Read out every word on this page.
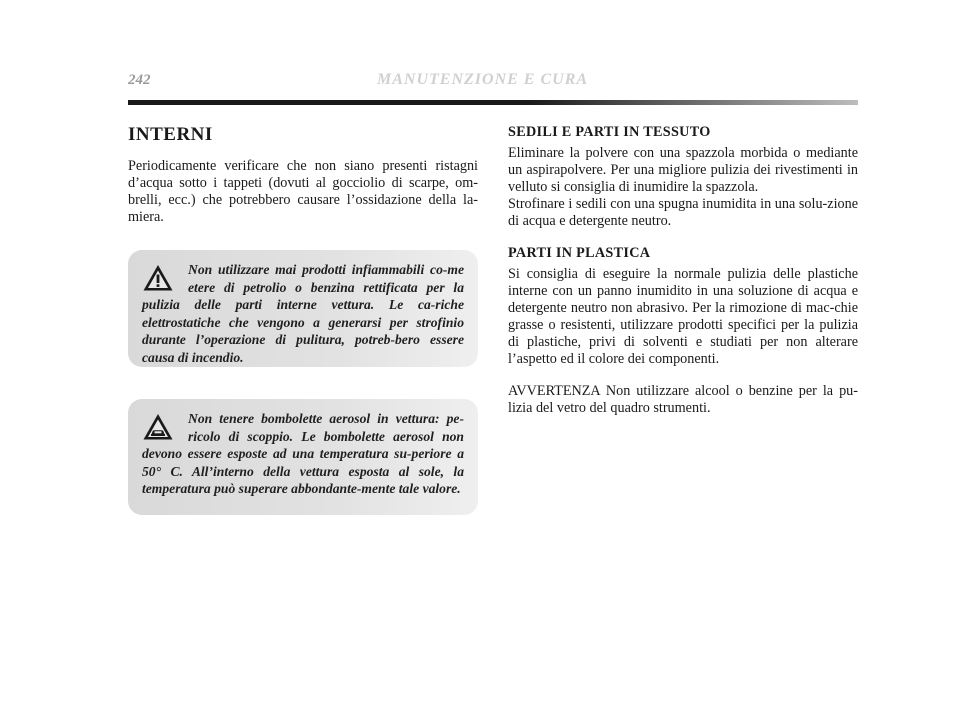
242	MANUTENZIONE E CURA
INTERNI

Periodicamente verificare che non siano presenti ristagni d’acqua sotto i tappeti (dovuti al gocciolio di scarpe, om-brelli, ecc.) che potrebbero causare l’ossidazione della la-miera.

Non utilizzare mai prodotti infiammabili co-me etere di petrolio o benzina rettificata per la pulizia delle parti interne vettura. Le ca-riche elettrostatiche che vengono a generarsi per strofinio durante l’operazione di pulitura, potreb-bero essere causa di incendio.

Non tenere bombolette aerosol in vettura: pe-ricolo di scoppio. Le bombolette aerosol non devono essere esposte ad una temperatura su-periore a 50° C. All’interno della vettura esposta al sole, la temperatura può superare abbondante-mente tale valore.

SEDILI E PARTI IN TESSUTO

Eliminare la polvere con una spazzola morbida o mediante un aspirapolvere. Per una migliore pulizia dei rivestimenti in velluto si consiglia di inumidire la spazzola.

Strofinare i sedili con una spugna inumidita in una solu-zione di acqua e detergente neutro.

PARTI IN PLASTICA

Si consiglia di eseguire la normale pulizia delle plastiche interne con un panno inumidito in una soluzione di acqua e detergente neutro non abrasivo. Per la rimozione di mac-chie grasse o resistenti, utilizzare prodotti specifici per la pulizia di plastiche, privi di solventi e studiati per non alterare l’aspetto ed il colore dei componenti.

AVVERTENZA Non utilizzare alcool o benzine per la pu-lizia del vetro del quadro strumenti.
